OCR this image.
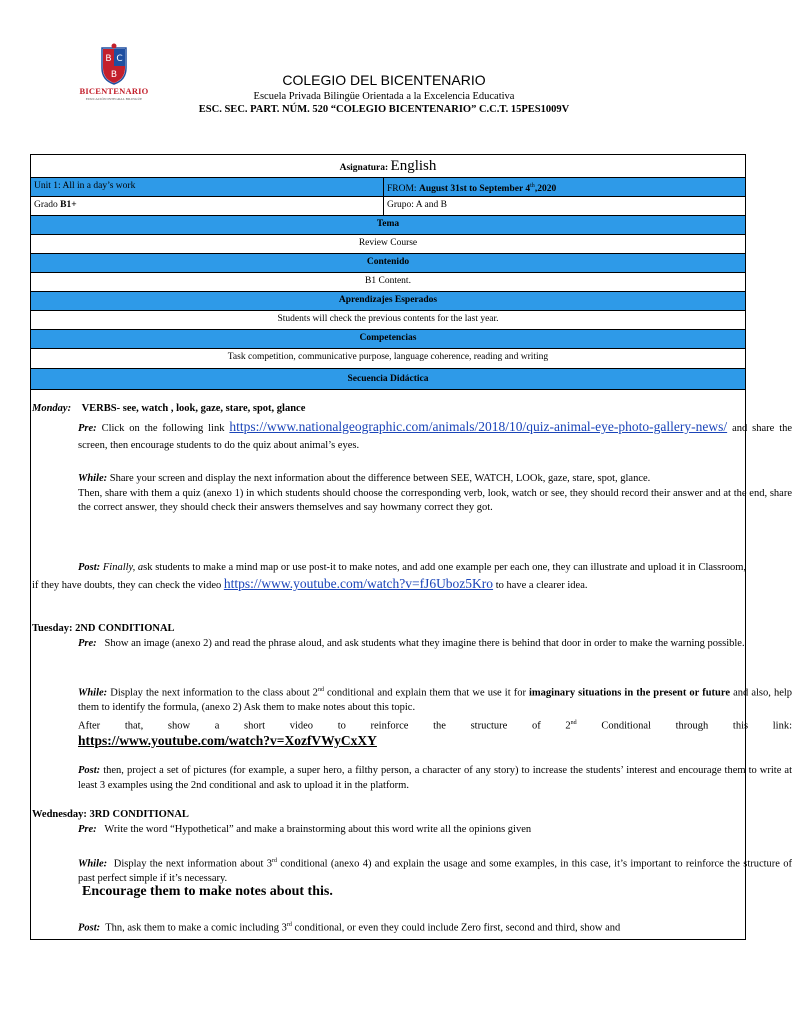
B C
B
BICENTENARIO
EDUCACIÓN INTEGRAL BILINGÜE
COLEGIO DEL BICENTENARIO
Escuela Privada Bilingüe Orientada a la Excelencia Educativa
ESC. SEC. PART. NÚM. 520 “COLEGIO BICENTENARIO” C.C.T. 15PES1009V
Asignatura: English
Unit 1: All in a day’s work	FROM: August 31st to September 4th,2020
Grado B1+	Grupo: A and B
Tema
Review Course
Contenido
B1 Content.
Aprendizajes Esperados
Students will check the previous contents for the last year.
Competencias
Task competition, communicative purpose, language coherence, reading and writing
Secuencia Didáctica
Monday: VERBS- see, watch , look, gaze, stare, spot, glance
Pre: Click on the following link https://www.nationalgeographic.com/animals/2018/10/quiz-animal-eye-photo-gallery-news/ and share the screen, then encourage students to do the quiz about animal’s eyes.
While: Share your screen and display the next information about the difference between SEE, WATCH, LOOk, gaze, stare, spot, glance.

Then, share with them a quiz (anexo 1) in which students should choose the corresponding verb, look, watch or see, they should record their answer and at the end, share the correct answer, they should check their answers themselves and say howmany correct they got.

Post: Finally, ask students to make a mind map or use post-it to make notes, and add one example per each one, they can illustrate and upload it in Classroom, if they have doubts, they can check the video https://www.youtube.com/watch?v=fJ6Uboz5Kro to have a clearer idea.
Tuesday: 2ND CONDITIONAL
Pre: Show an image (anexo 2) and read the phrase aloud, and ask students what they imagine there is behind that door in order to make the warning possible.
While: Display the next information to the class about 2nd conditional and explain them that we use it for imaginary situations in the present or future and also, help them to identify the formula, (anexo 2) Ask them to make notes about this topic.

After that, show a short video to reinforce the structure of 2nd Conditional through this link:

https://www.youtube.com/watch?v=XozfVWyCxXY

Post: then, project a set of pictures (for example, a super hero, a filthy person, a character of any story) to increase the students’ interest and encourage them to write at least 3 examples using the 2nd conditional and ask to upload it in the platform.
Wednesday: 3RD CONDITIONAL
Pre: Write the word “Hypothetical” and make a brainstorming about this word write all the opinions given
While: Display the next information about 3rd conditional (anexo 4) and explain the usage and some examples, in this case, it’s important to reinforce the structure of past perfect simple if it’s necessary.
Encourage them to make notes about this.
Post: Thn, ask them to make a comic including 3rd conditional, or even they could include Zero first, second and third, show and
